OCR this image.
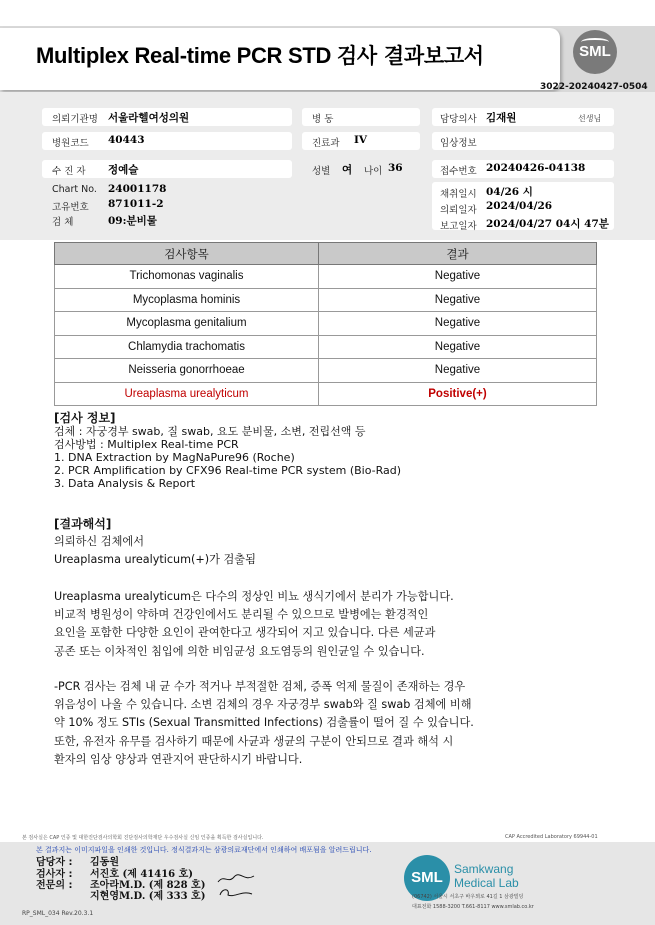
Multiplex Real-time PCR STD 검사 결과보고서	SML
3022-20240427-0504
의뢰기관명 서울라헬여성의원	병 동	담당의사 김재원	선생님
병원코드 40443	진료과 IV	임상정보
수 진 자 정예슬	성별 여 나이 36	접수번호 20240426-04138
Chart No. 24001178
고유번호 871011-2
검 체	09:분비물
채취일시 04/26 시
의뢰일자 2024/04/26
보고일자 2024/04/27 04시 47분
검사항목	결과
Trichomonas vaginalis	Negative
Mycoplasma hominis	Negative
Mycoplasma genitalium	Negative
Chlamydia trachomatis	Negative
Neisseria gonorrhoeae	Negative
Ureaplasma urealyticum	Positive(+)
[검사 정보]
검체 : 자궁경부 swab, 질 swab, 요도 분비물, 소변, 전립선액 등
검사방법 : Multiplex Real-time PCR
1. DNA Extraction by MagNaPure96 (Roche)
2. PCR Amplification by CFX96 Real-time PCR system (Bio-Rad)
3. Data Analysis & Report
[결과해석]
의뢰하신 검체에서
Ureaplasma urealyticum(+)가 검출됨
Ureaplasma urealyticum은 다수의 정상인 비뇨 생식기에서 분리가 가능합니다.
비교적 병원성이 약하며 건강인에서도 분리될 수 있으므로 발병에는 환경적인
요인을 포함한 다양한 요인이 관여한다고 생각되어 지고 있습니다. 다른 세균과
공존 또는 이차적인 침입에 의한 비임균성 요도염등의 원인균일 수 있습니다.
-PCR 검사는 검체 내 균 수가 적거나 부적절한 검체, 증폭 억제 물질이 존재하는 경우
위음성이 나올 수 있습니다. 소변 검체의 경우 자궁경부 swab와 질 swab 검체에 비해
약 10% 정도 STIs (Sexual Transmitted Infections) 검출률이 떨어 질 수 있습니다.
또한, 유전자 유무를 검사하기 때문에 사균과 생균의 구분이 안되므로 결과 해석 시
환자의 임상 양상과 연관지어 판단하시기 바랍니다.
본 검사실은 CAP 인증 및 대한진단검사의학회 진단검사의학재단 우수검사실 신임 인증을 획득한 검사실입니다.	CAP Accredited Laboratory 69944-01
본 결과지는 이미지파일을 인쇄한 것입니다. 정식결과지는 삼광의료재단에서 인쇄하여 배포됨을 알려드립니다.
담당자 : 김동원
검사자 : 서진호 (제 41416 호)
전문의 : 조아라M.D. (제 828 호)
지현영M.D. (제 333 호)
SML Samkwang
Medical Lab
(06742) 서울시 서초구 바우뫼로 41길 1 삼광빌딩
대표전화 1588-3200 T.661-8117 www.smlab.co.kr
RP_SML_034 Rev.20.3.1
